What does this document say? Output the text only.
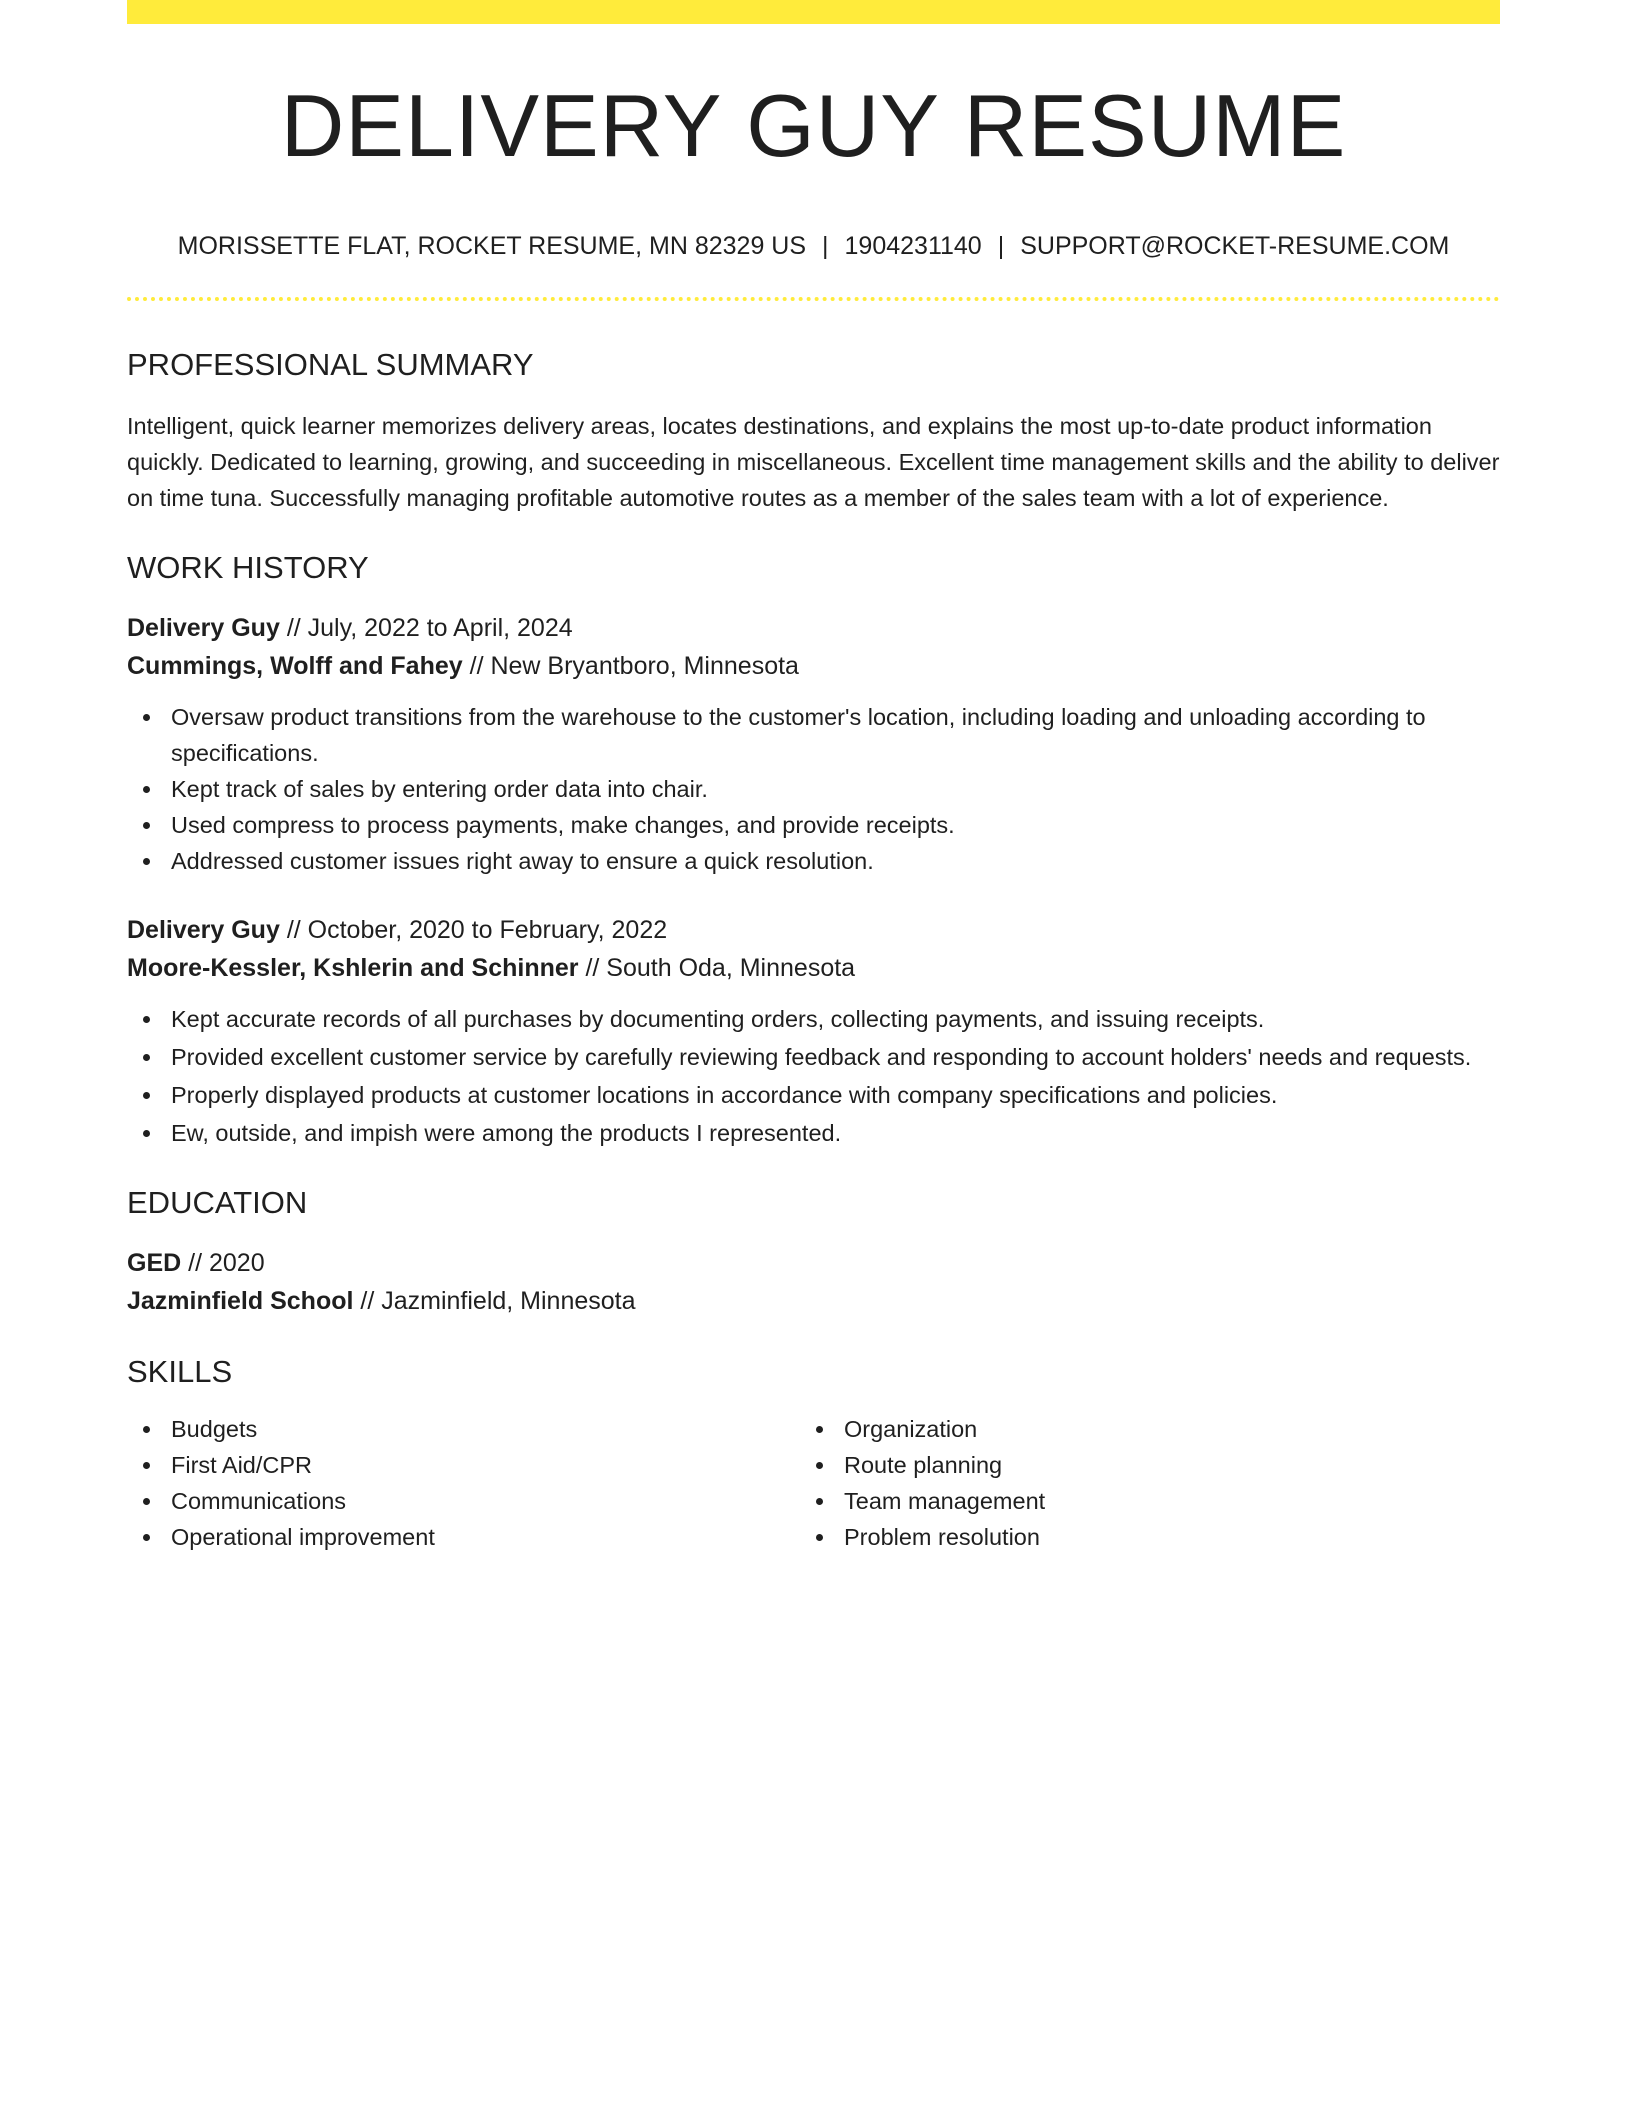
DELIVERY GUY RESUME
MORISSETTE FLAT, ROCKET RESUME, MN 82329 US | 1904231140 | SUPPORT@ROCKET-RESUME.COM
PROFESSIONAL SUMMARY

Intelligent, quick learner memorizes delivery areas, locates destinations, and explains the most up-to-date product information quickly. Dedicated to learning, growing, and succeeding in miscellaneous. Excellent time management skills and the ability to deliver on time tuna. Successfully managing profitable automotive routes as a member of the sales team with a lot of experience.

WORK HISTORY
Delivery Guy // July, 2022 to April, 2024
Cummings, Wolff and Fahey // New Bryantboro, Minnesota
Oversaw product transitions from the warehouse to the customer's location, including loading and unloading according to specifications.
Kept track of sales by entering order data into chair.
Used compress to process payments, make changes, and provide receipts.
Addressed customer issues right away to ensure a quick resolution.
Delivery Guy // October, 2020 to February, 2022
Moore-Kessler, Kshlerin and Schinner // South Oda, Minnesota
Kept accurate records of all purchases by documenting orders, collecting payments, and issuing receipts.
Provided excellent customer service by carefully reviewing feedback and responding to account holders' needs and requests.
Properly displayed products at customer locations in accordance with company specifications and policies.
Ew, outside, and impish were among the products I represented.
EDUCATION
GED // 2020
Jazminfield School // Jazminfield, Minnesota
SKILLS
Budgets
First Aid/CPR
Communications
Operational improvement
Organization
Route planning
Team management
Problem resolution
